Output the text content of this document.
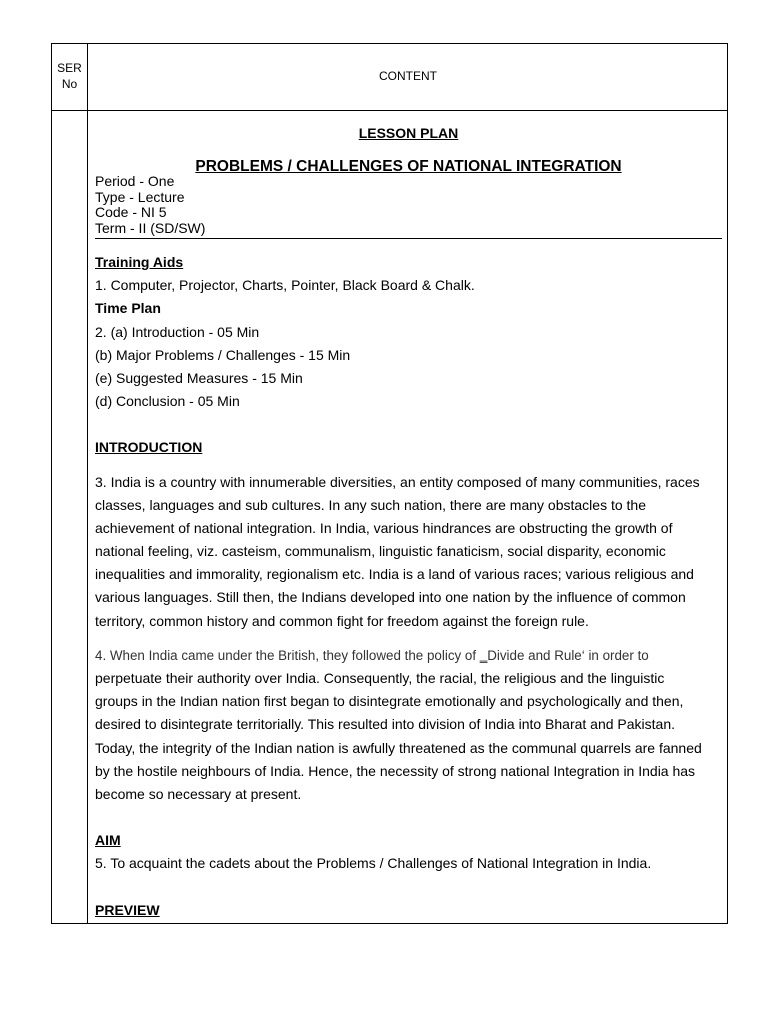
SER
No
CONTENT
LESSON PLAN
PROBLEMS / CHALLENGES OF NATIONAL INTEGRATION
Period - One
Type - Lecture
Code - NI 5
Term - II (SD/SW)
Training Aids
1. Computer, Projector, Charts, Pointer, Black Board & Chalk.
Time Plan
2. (a) Introduction - 05 Min
(b) Major Problems / Challenges - 15 Min
(e) Suggested Measures - 15 Min
(d) Conclusion - 05 Min
INTRODUCTION
3. India is a country with innumerable diversities, an entity composed of many communities, races
classes, languages and sub cultures. In any such nation, there are many obstacles to the
achievement of national integration. In India, various hindrances are obstructing the growth of
national feeling, viz. casteism, communalism, linguistic fanaticism, social disparity, economic
inequalities and immorality, regionalism etc. India is a land of various races; various religious and
various languages. Still then, the Indians developed into one nation by the influence of common
territory, common history and common fight for freedom against the foreign rule.
4. When India came under the British, they followed the policy of ‗Divide and Rule‘ in order to
perpetuate their authority over India. Consequently, the racial, the religious and the linguistic
groups in the Indian nation first began to disintegrate emotionally and psychologically and then,
desired to disintegrate territorially. This resulted into division of India into Bharat and Pakistan.
Today, the integrity of the Indian nation is awfully threatened as the communal quarrels are fanned
by the hostile neighbours of India. Hence, the necessity of strong national Integration in India has
become so necessary at present.
AIM
5. To acquaint the cadets about the Problems / Challenges of National Integration in India.
PREVIEW
